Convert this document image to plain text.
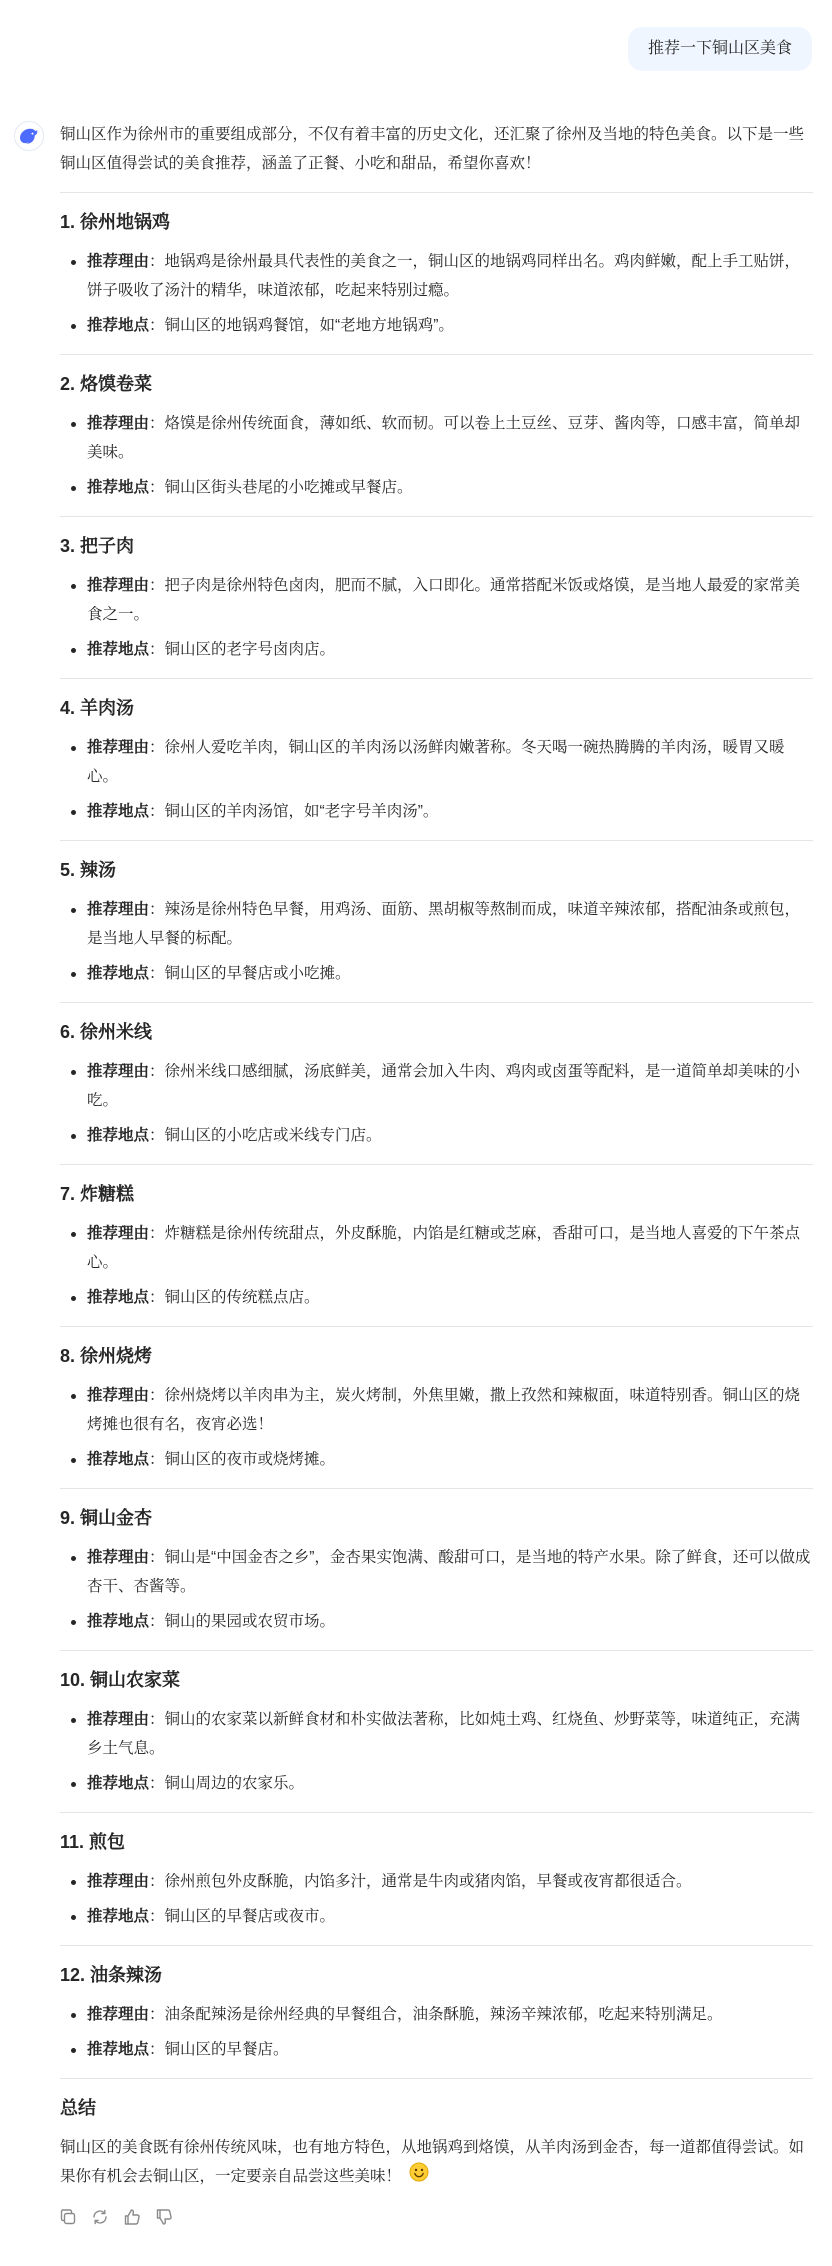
推荐一下铜山区美食

铜山区作为徐州市的重要组成部分，不仅有着丰富的历史文化，还汇聚了徐州及当地的特色美食。以下是一些铜山区值得尝试的美食推荐，涵盖了正餐、小吃和甜品，希望你喜欢！

1. 徐州地锅鸡
推荐理由：地锅鸡是徐州最具代表性的美食之一，铜山区的地锅鸡同样出名。鸡肉鲜嫩，配上手工贴饼，饼子吸收了汤汁的精华，味道浓郁，吃起来特别过瘾。
推荐地点：铜山区的地锅鸡餐馆，如“老地方地锅鸡”。
2. 烙馍卷菜
推荐理由：烙馍是徐州传统面食，薄如纸、软而韧。可以卷上土豆丝、豆芽、酱肉等，口感丰富，简单却美味。
推荐地点：铜山区街头巷尾的小吃摊或早餐店。
3. 把子肉
推荐理由：把子肉是徐州特色卤肉，肥而不腻，入口即化。通常搭配米饭或烙馍，是当地人最爱的家常美食之一。
推荐地点：铜山区的老字号卤肉店。
4. 羊肉汤
推荐理由：徐州人爱吃羊肉，铜山区的羊肉汤以汤鲜肉嫩著称。冬天喝一碗热腾腾的羊肉汤，暖胃又暖心。
推荐地点：铜山区的羊肉汤馆，如“老字号羊肉汤”。
5. 辣汤
推荐理由：辣汤是徐州特色早餐，用鸡汤、面筋、黑胡椒等熬制而成，味道辛辣浓郁，搭配油条或煎包，是当地人早餐的标配。
推荐地点：铜山区的早餐店或小吃摊。
6. 徐州米线
推荐理由：徐州米线口感细腻，汤底鲜美，通常会加入牛肉、鸡肉或卤蛋等配料，是一道简单却美味的小吃。
推荐地点：铜山区的小吃店或米线专门店。
7. 炸糖糕
推荐理由：炸糖糕是徐州传统甜点，外皮酥脆，内馅是红糖或芝麻，香甜可口，是当地人喜爱的下午茶点心。
推荐地点：铜山区的传统糕点店。
8. 徐州烧烤
推荐理由：徐州烧烤以羊肉串为主，炭火烤制，外焦里嫩，撒上孜然和辣椒面，味道特别香。铜山区的烧烤摊也很有名，夜宵必选！
推荐地点：铜山区的夜市或烧烤摊。
9. 铜山金杏
推荐理由：铜山是“中国金杏之乡”，金杏果实饱满、酸甜可口，是当地的特产水果。除了鲜食，还可以做成杏干、杏酱等。
推荐地点：铜山的果园或农贸市场。
10. 铜山农家菜
推荐理由：铜山的农家菜以新鲜食材和朴实做法著称，比如炖土鸡、红烧鱼、炒野菜等，味道纯正，充满乡土气息。
推荐地点：铜山周边的农家乐。
11. 煎包
推荐理由：徐州煎包外皮酥脆，内馅多汁，通常是牛肉或猪肉馅，早餐或夜宵都很适合。
推荐地点：铜山区的早餐店或夜市。
12. 油条辣汤
推荐理由：油条配辣汤是徐州经典的早餐组合，油条酥脆，辣汤辛辣浓郁，吃起来特别满足。
推荐地点：铜山区的早餐店。
总结

铜山区的美食既有徐州传统风味，也有地方特色，从地锅鸡到烙馍，从羊肉汤到金杏，每一道都值得尝试。如果你有机会去铜山区，一定要亲自品尝这些美味！
